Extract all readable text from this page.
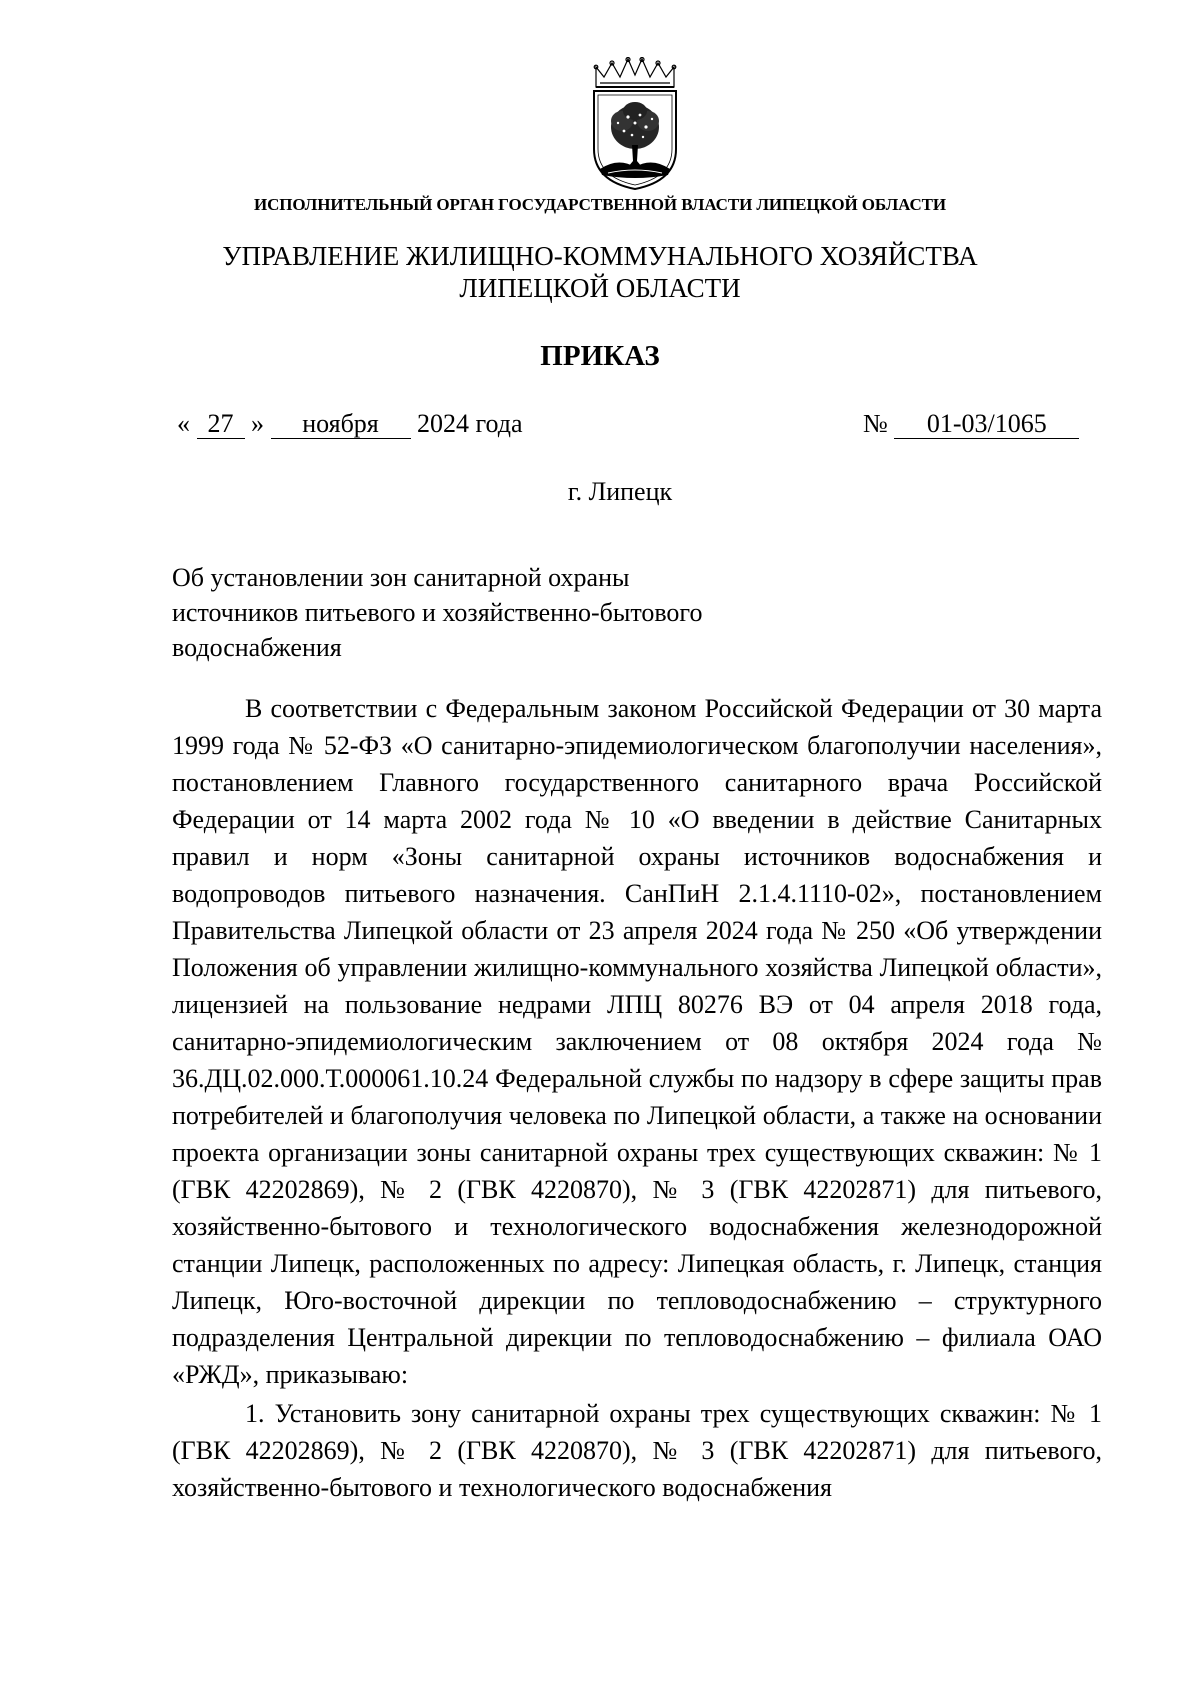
ИСПОЛНИТЕЛЬНЫЙ ОРГАН ГОСУДАРСТВЕННОЙ ВЛАСТИ ЛИПЕЦКОЙ ОБЛАСТИ
УПРАВЛЕНИЕ ЖИЛИЩНО-КОММУНАЛЬНОГО ХОЗЯЙСТВА
ЛИПЕЦКОЙ ОБЛАСТИ
ПРИКАЗ
« 27 » ноября 2024 года	№ 01-03/1065
г. Липецк
Об установлении зон санитарной охраны
источников питьевого и хозяйственно-бытового
водоснабжения

В соответствии с Федеральным законом Российской Федерации от 30 марта 1999 года № 52-ФЗ «О санитарно-эпидемиологическом благополучии населения», постановлением Главного государственного санитарного врача Российской Федерации от 14 марта 2002 года № 10 «О введении в действие Санитарных правил и норм «Зоны санитарной охраны источников водоснабжения и водопроводов питьевого назначения. СанПиН 2.1.4.1110-02», постановлением Правительства Липецкой области от 23 апреля 2024 года № 250 «Об утверждении Положения об управлении жилищно-коммунального хозяйства Липецкой области», лицензией на пользование недрами ЛПЦ 80276 ВЭ от 04 апреля 2018 года, санитарно-эпидемиологическим заключением от 08 октября 2024 года № 36.ДЦ.02.000.Т.000061.10.24 Федеральной службы по надзору в сфере защиты прав потребителей и благополучия человека по Липецкой области, а также на основании проекта организации зоны санитарной охраны трех существующих скважин: № 1 (ГВК 42202869), № 2 (ГВК 4220870), № 3 (ГВК 42202871) для питьевого, хозяйственно-бытового и технологического водоснабжения железнодорожной станции Липецк, расположенных по адресу: Липецкая область, г. Липецк, станция Липецк, Юго-восточной дирекции по тепловодоснабжению – структурного подразделения Центральной дирекции по тепловодоснабжению – филиала ОАО «РЖД», приказываю:

1. Установить зону санитарной охраны трех существующих скважин: № 1 (ГВК 42202869), № 2 (ГВК 4220870), № 3 (ГВК 42202871) для питьевого, хозяйственно-бытового и технологического водоснабжения
